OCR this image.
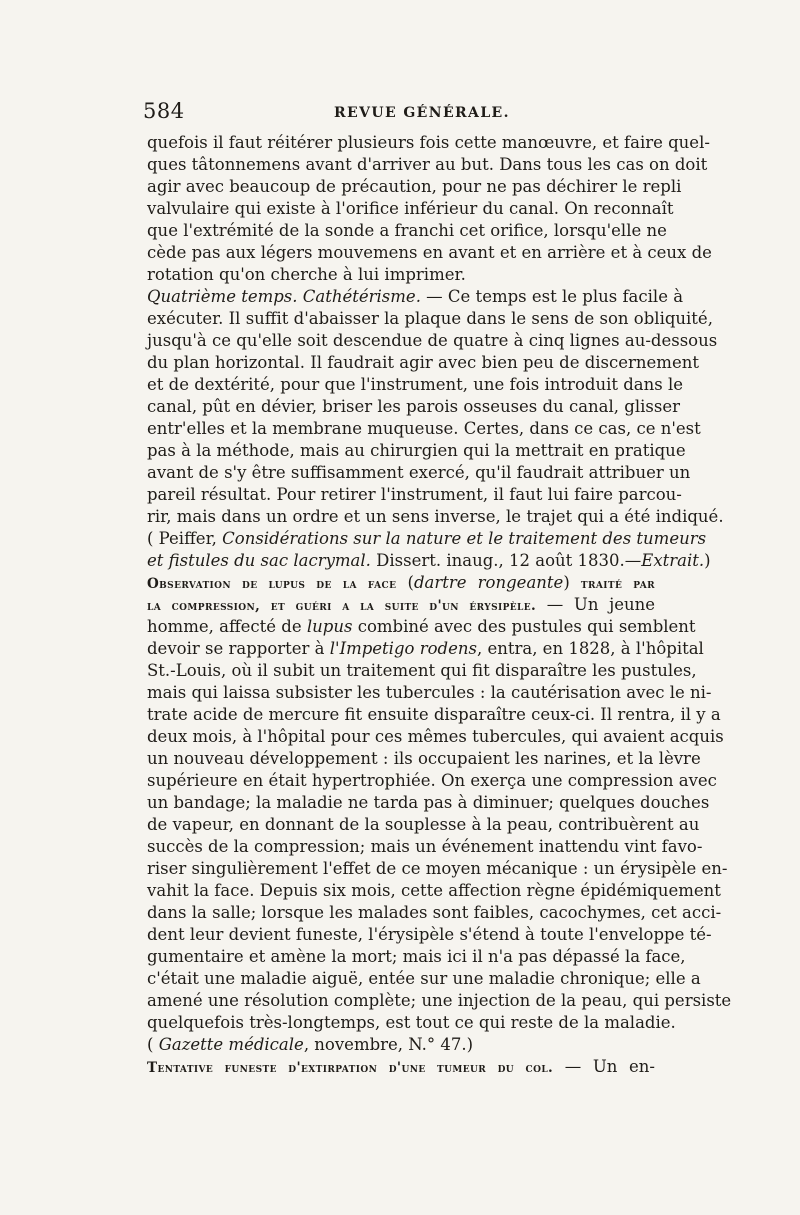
584	REVUE GÉNÉRALE.
quefois il faut réitérer plusieurs fois cette manœuvre, et faire quel-
ques tâtonnemens avant d'arriver au but. Dans tous les cas on doit
agir avec beaucoup de précaution, pour ne pas déchirer le repli
valvulaire qui existe à l'orifice inférieur du canal. On reconnaît
que l'extrémité de la sonde a franchi cet orifice, lorsqu'elle ne
cède pas aux légers mouvemens en avant et en arrière et à ceux de
rotation qu'on cherche à lui imprimer.
Quatrième temps. Cathétérisme. — Ce temps est le plus facile à
exécuter. Il suffit d'abaisser la plaque dans le sens de son obliquité,
jusqu'à ce qu'elle soit descendue de quatre à cinq lignes au-dessous
du plan horizontal. Il faudrait agir avec bien peu de discernement
et de dextérité, pour que l'instrument, une fois introduit dans le
canal, pût en dévier, briser les parois osseuses du canal, glisser
entr'elles et la membrane muqueuse. Certes, dans ce cas, ce n'est
pas à la méthode, mais au chirurgien qui la mettrait en pratique
avant de s'y être suffisamment exercé, qu'il faudrait attribuer un
pareil résultat. Pour retirer l'instrument, il faut lui faire parcou-
rir, mais dans un ordre et un sens inverse, le trajet qui a été indiqué.
( Peiffer, Considérations sur la nature et le traitement des tumeurs
et fistules du sac lacrymal. Dissert. inaug., 12 août 1830.—Extrait.)
Observation de lupus de la face (dartre rongeante) traité par
la compression, et guéri a la suite d'un érysipèle. — Un jeune
homme, affecté de lupus combiné avec des pustules qui semblent
devoir se rapporter à l'Impetigo rodens, entra, en 1828, à l'hôpital
St.-Louis, où il subit un traitement qui fit disparaître les pustules,
mais qui laissa subsister les tubercules : la cautérisation avec le ni-
trate acide de mercure fit ensuite disparaître ceux-ci. Il rentra, il y a
deux mois, à l'hôpital pour ces mêmes tubercules, qui avaient acquis
un nouveau développement : ils occupaient les narines, et la lèvre
supérieure en était hypertrophiée. On exerça une compression avec
un bandage; la maladie ne tarda pas à diminuer; quelques douches
de vapeur, en donnant de la souplesse à la peau, contribuèrent au
succès de la compression; mais un événement inattendu vint favo-
riser singulièrement l'effet de ce moyen mécanique : un érysipèle en-
vahit la face. Depuis six mois, cette affection règne épidémiquement
dans la salle; lorsque les malades sont faibles, cacochymes, cet acci-
dent leur devient funeste, l'érysipèle s'étend à toute l'enveloppe té-
gumentaire et amène la mort; mais ici il n'a pas dépassé la face,
c'était une maladie aiguë, entée sur une maladie chronique; elle a
amené une résolution complète; une injection de la peau, qui persiste
quelquefois très-longtemps, est tout ce qui reste de la maladie.
( Gazette médicale, novembre, N.° 47.)
Tentative funeste d'extirpation d'une tumeur du col. — Un en-
